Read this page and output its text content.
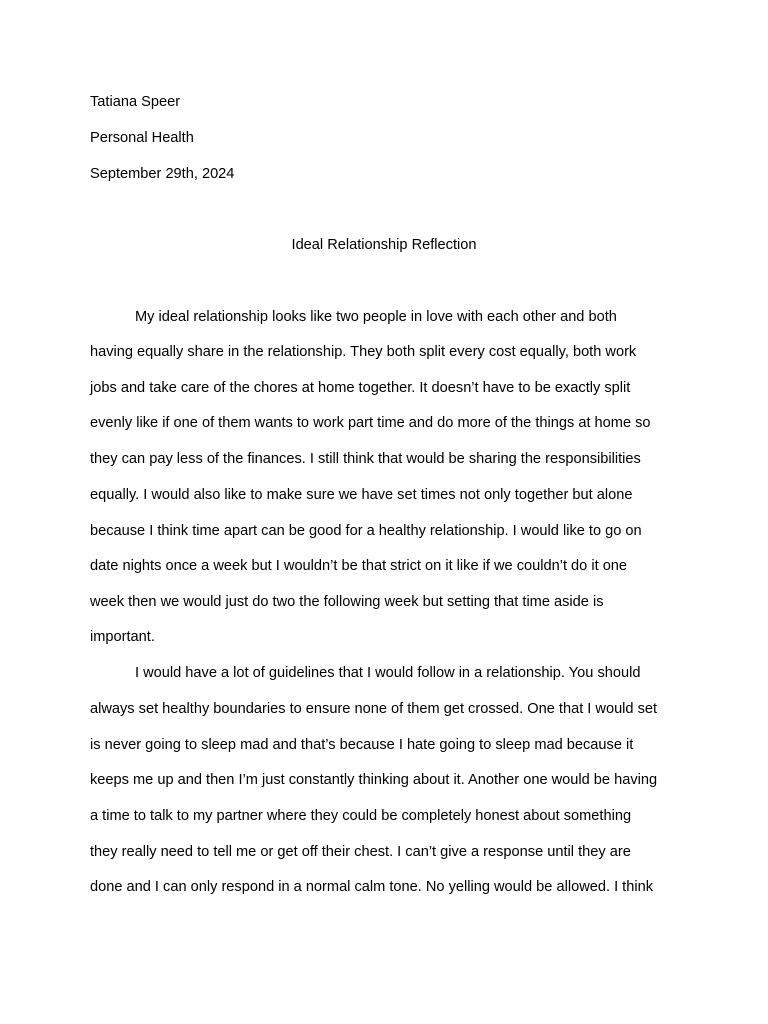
Tatiana Speer
Personal Health
September 29th, 2024
Ideal Relationship Reflection
My ideal relationship looks like two people in love with each other and both
having equally share in the relationship. They both split every cost equally, both work
jobs and take care of the chores at home together. It doesn’t have to be exactly split
evenly like if one of them wants to work part time and do more of the things at home so
they can pay less of the finances. I still think that would be sharing the responsibilities
equally. I would also like to make sure we have set times not only together but alone
because I think time apart can be good for a healthy relationship. I would like to go on
date nights once a week but I wouldn’t be that strict on it like if we couldn’t do it one
week then we would just do two the following week but setting that time aside is
important.
I would have a lot of guidelines that I would follow in a relationship. You should
always set healthy boundaries to ensure none of them get crossed. One that I would set
is never going to sleep mad and that’s because I hate going to sleep mad because it
keeps me up and then I’m just constantly thinking about it. Another one would be having
a time to talk to my partner where they could be completely honest about something
they really need to tell me or get off their chest. I can’t give a response until they are
done and I can only respond in a normal calm tone. No yelling would be allowed. I think
